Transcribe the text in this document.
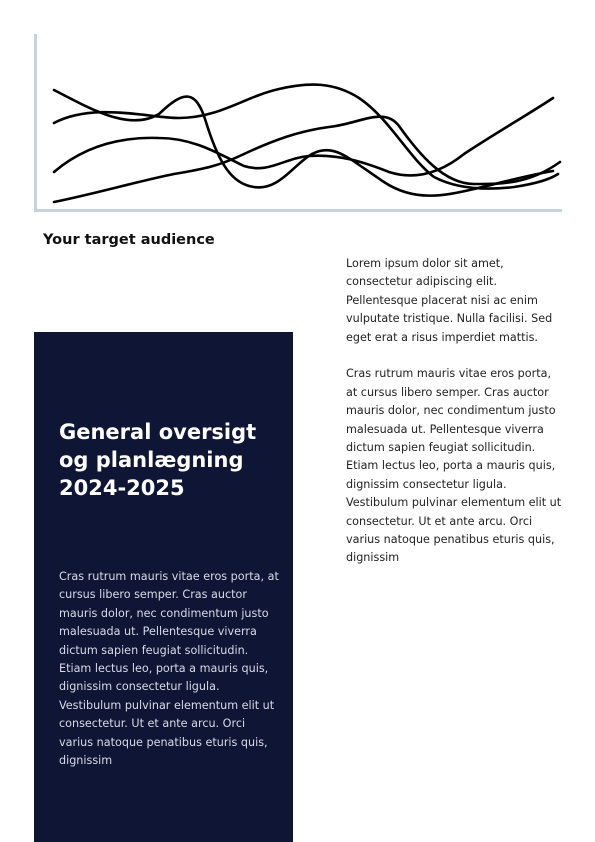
Your target audience

Lorem ipsum dolor sit amet, consectetur adipiscing elit. Pellentesque placerat nisi ac enim vulputate tristique. Nulla facilisi. Sed eget erat a risus imperdiet mattis.

Cras rutrum mauris vitae eros porta, at cursus libero semper. Cras auctor mauris dolor, nec condimentum justo malesuada ut. Pellentesque viverra dictum sapien feugiat sollicitudin. Etiam lectus leo, porta a mauris quis, dignissim consectetur ligula. Vestibulum pulvinar elementum elit ut consectetur. Ut et ante arcu. Orci varius natoque penatibus eturis quis, dignissim

General oversigt og planlægning 2024-2025

Cras rutrum mauris vitae eros porta, at cursus libero semper. Cras auctor mauris dolor, nec condimentum justo malesuada ut. Pellentesque viverra dictum sapien feugiat sollicitudin. Etiam lectus leo, porta a mauris quis, dignissim consectetur ligula. Vestibulum pulvinar elementum elit ut consectetur. Ut et ante arcu. Orci varius natoque penatibus eturis quis, dignissim
